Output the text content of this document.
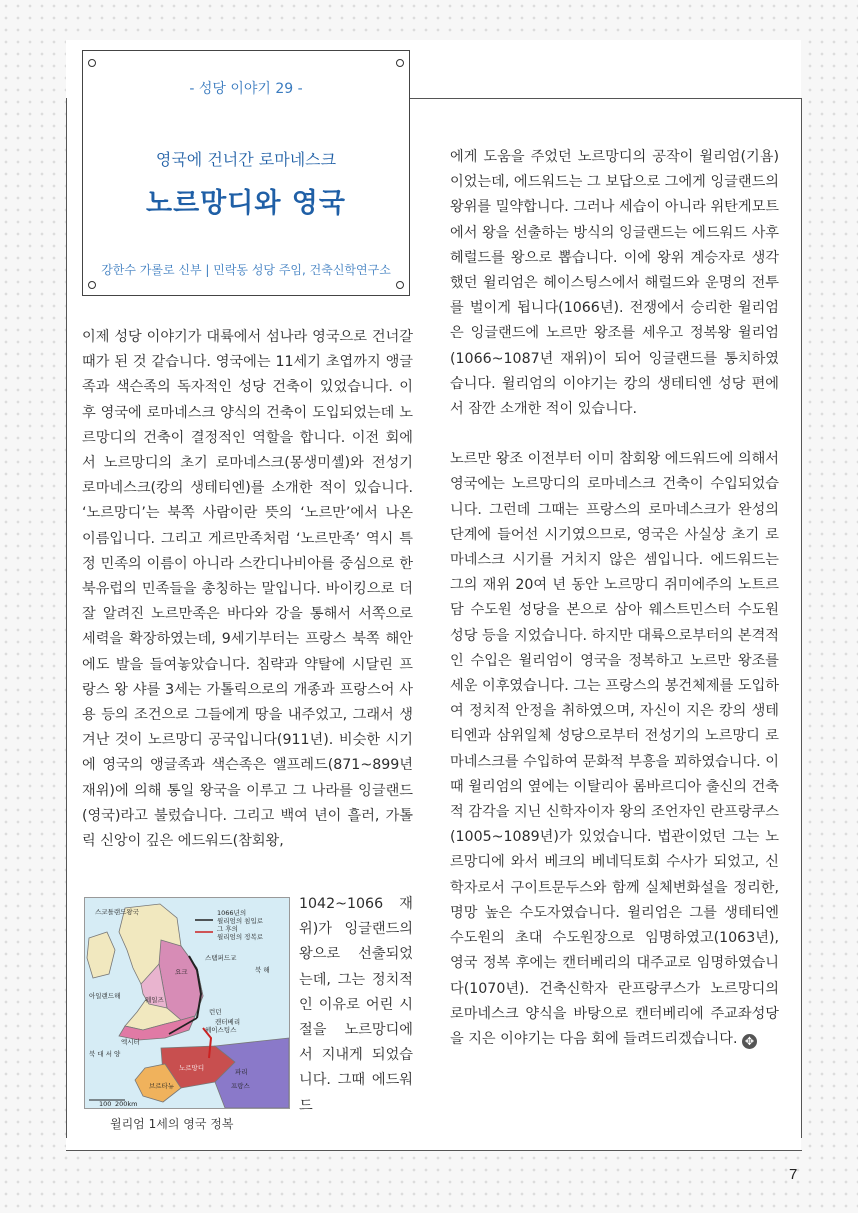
- 성당 이야기 29 -
영국에 건너간 로마네스크
노르망디와 영국
강한수 가롤로 신부 | 민락동 성당 주임, 건축신학연구소

이제 성당 이야기가 대륙에서 섬나라 영국으로 건너갈 때가 된 것 같습니다. 영국에는 11세기 초엽까지 앵글족과 색슨족의 독자적인 성당 건축이 있었습니다. 이후 영국에 로마네스크 양식의 건축이 도입되었는데 노르망디의 건축이 결정적인 역할을 합니다. 이전 회에서 노르망디의 초기 로마네스크(몽생미셸)와 전성기 로마네스크(캉의 생테티엔)를 소개한 적이 있습니다. ‘노르망디’는 북쪽 사람이란 뜻의 ‘노르만’에서 나온 이름입니다. 그리고 게르만족처럼 ‘노르만족’ 역시 특정 민족의 이름이 아니라 스칸디나비아를 중심으로 한 북유럽의 민족들을 총칭하는 말입니다. 바이킹으로 더 잘 알려진 노르만족은 바다와 강을 통해서 서쪽으로 세력을 확장하였는데, 9세기부터는 프랑스 북쪽 해안에도 발을 들여놓았습니다. 침략과 약탈에 시달린 프랑스 왕 샤를 3세는 가톨릭으로의 개종과 프랑스어 사용 등의 조건으로 그들에게 땅을 내주었고, 그래서 생겨난 것이 노르망디 공국입니다(911년). 비슷한 시기에 영국의 앵글족과 색슨족은 앨프레드(871~899년 재위)에 의해 통일 왕국을 이루고 그 나라를 잉글랜드(영국)라고 불렀습니다. 그리고 백여 년이 흘러, 가톨릭 신앙이 깊은 에드워드(참회왕,

1042~1066 재위)가 잉글랜드의 왕으로 선출되었는데, 그는 정치적인 이유로 어린 시절을 노르망디에서 지내게 되었습니다. 그때 에드워드

스코틀랜드왕국	1066년의
윌리엄의 침입로
그 후의
윌리엄의 정복로
스탬퍼드교
요크	북 해
웨일즈
아일랜드해
엑시터
런던
헤이스팅스
캔터베리
노르망디	파리
프랑스
브르타뉴
북 대 서 양
100 200km
윌리엄 1세의 영국 정복

에게 도움을 주었던 노르망디의 공작이 윌리엄(기욤)이었는데, 에드워드는 그 보답으로 그에게 잉글랜드의 왕위를 밀약합니다. 그러나 세습이 아니라 위탄게모트에서 왕을 선출하는 방식의 잉글랜드는 에드워드 사후 헤럴드를 왕으로 뽑습니다. 이에 왕위 계승자로 생각했던 윌리엄은 헤이스팅스에서 해럴드와 운명의 전투를 벌이게 됩니다(1066년). 전쟁에서 승리한 윌리엄은 잉글랜드에 노르만 왕조를 세우고 정복왕 윌리엄(1066~1087년 재위)이 되어 잉글랜드를 통치하였습니다. 윌리엄의 이야기는 캉의 생테티엔 성당 편에서 잠깐 소개한 적이 있습니다.

노르만 왕조 이전부터 이미 참회왕 에드워드에 의해서 영국에는 노르망디의 로마네스크 건축이 수입되었습니다. 그런데 그때는 프랑스의 로마네스크가 완성의 단계에 들어선 시기였으므로, 영국은 사실상 초기 로마네스크 시기를 거치지 않은 셈입니다. 에드워드는 그의 재위 20여 년 동안 노르망디 쥐미에주의 노트르담 수도원 성당을 본으로 삼아 웨스트민스터 수도원 성당 등을 지었습니다. 하지만 대륙으로부터의 본격적인 수입은 윌리엄이 영국을 정복하고 노르만 왕조를 세운 이후였습니다. 그는 프랑스의 봉건체제를 도입하여 정치적 안정을 취하였으며, 자신이 지은 캉의 생테티엔과 삼위일체 성당으로부터 전성기의 노르망디 로마네스크를 수입하여 문화적 부흥을 꾀하였습니다. 이때 윌리엄의 옆에는 이탈리아 롬바르디아 출신의 건축적 감각을 지닌 신학자이자 왕의 조언자인 란프랑쿠스(1005~1089년)가 있었습니다. 법관이었던 그는 노르망디에 와서 베크의 베네딕토회 수사가 되었고, 신학자로서 구이트문두스와 함께 실체변화설을 정리한, 명망 높은 수도자였습니다. 윌리엄은 그를 생테티엔 수도원의 초대 수도원장으로 임명하였고(1063년), 영국 정복 후에는 캔터베리의 대주교로 임명하였습니다(1070년). 건축신학자 란프랑쿠스가 노르망디의 로마네스크 양식을 바탕으로 캔터베리에 주교좌성당을 지은 이야기는 다음 회에 들려드리겠습니다. ✥

7
